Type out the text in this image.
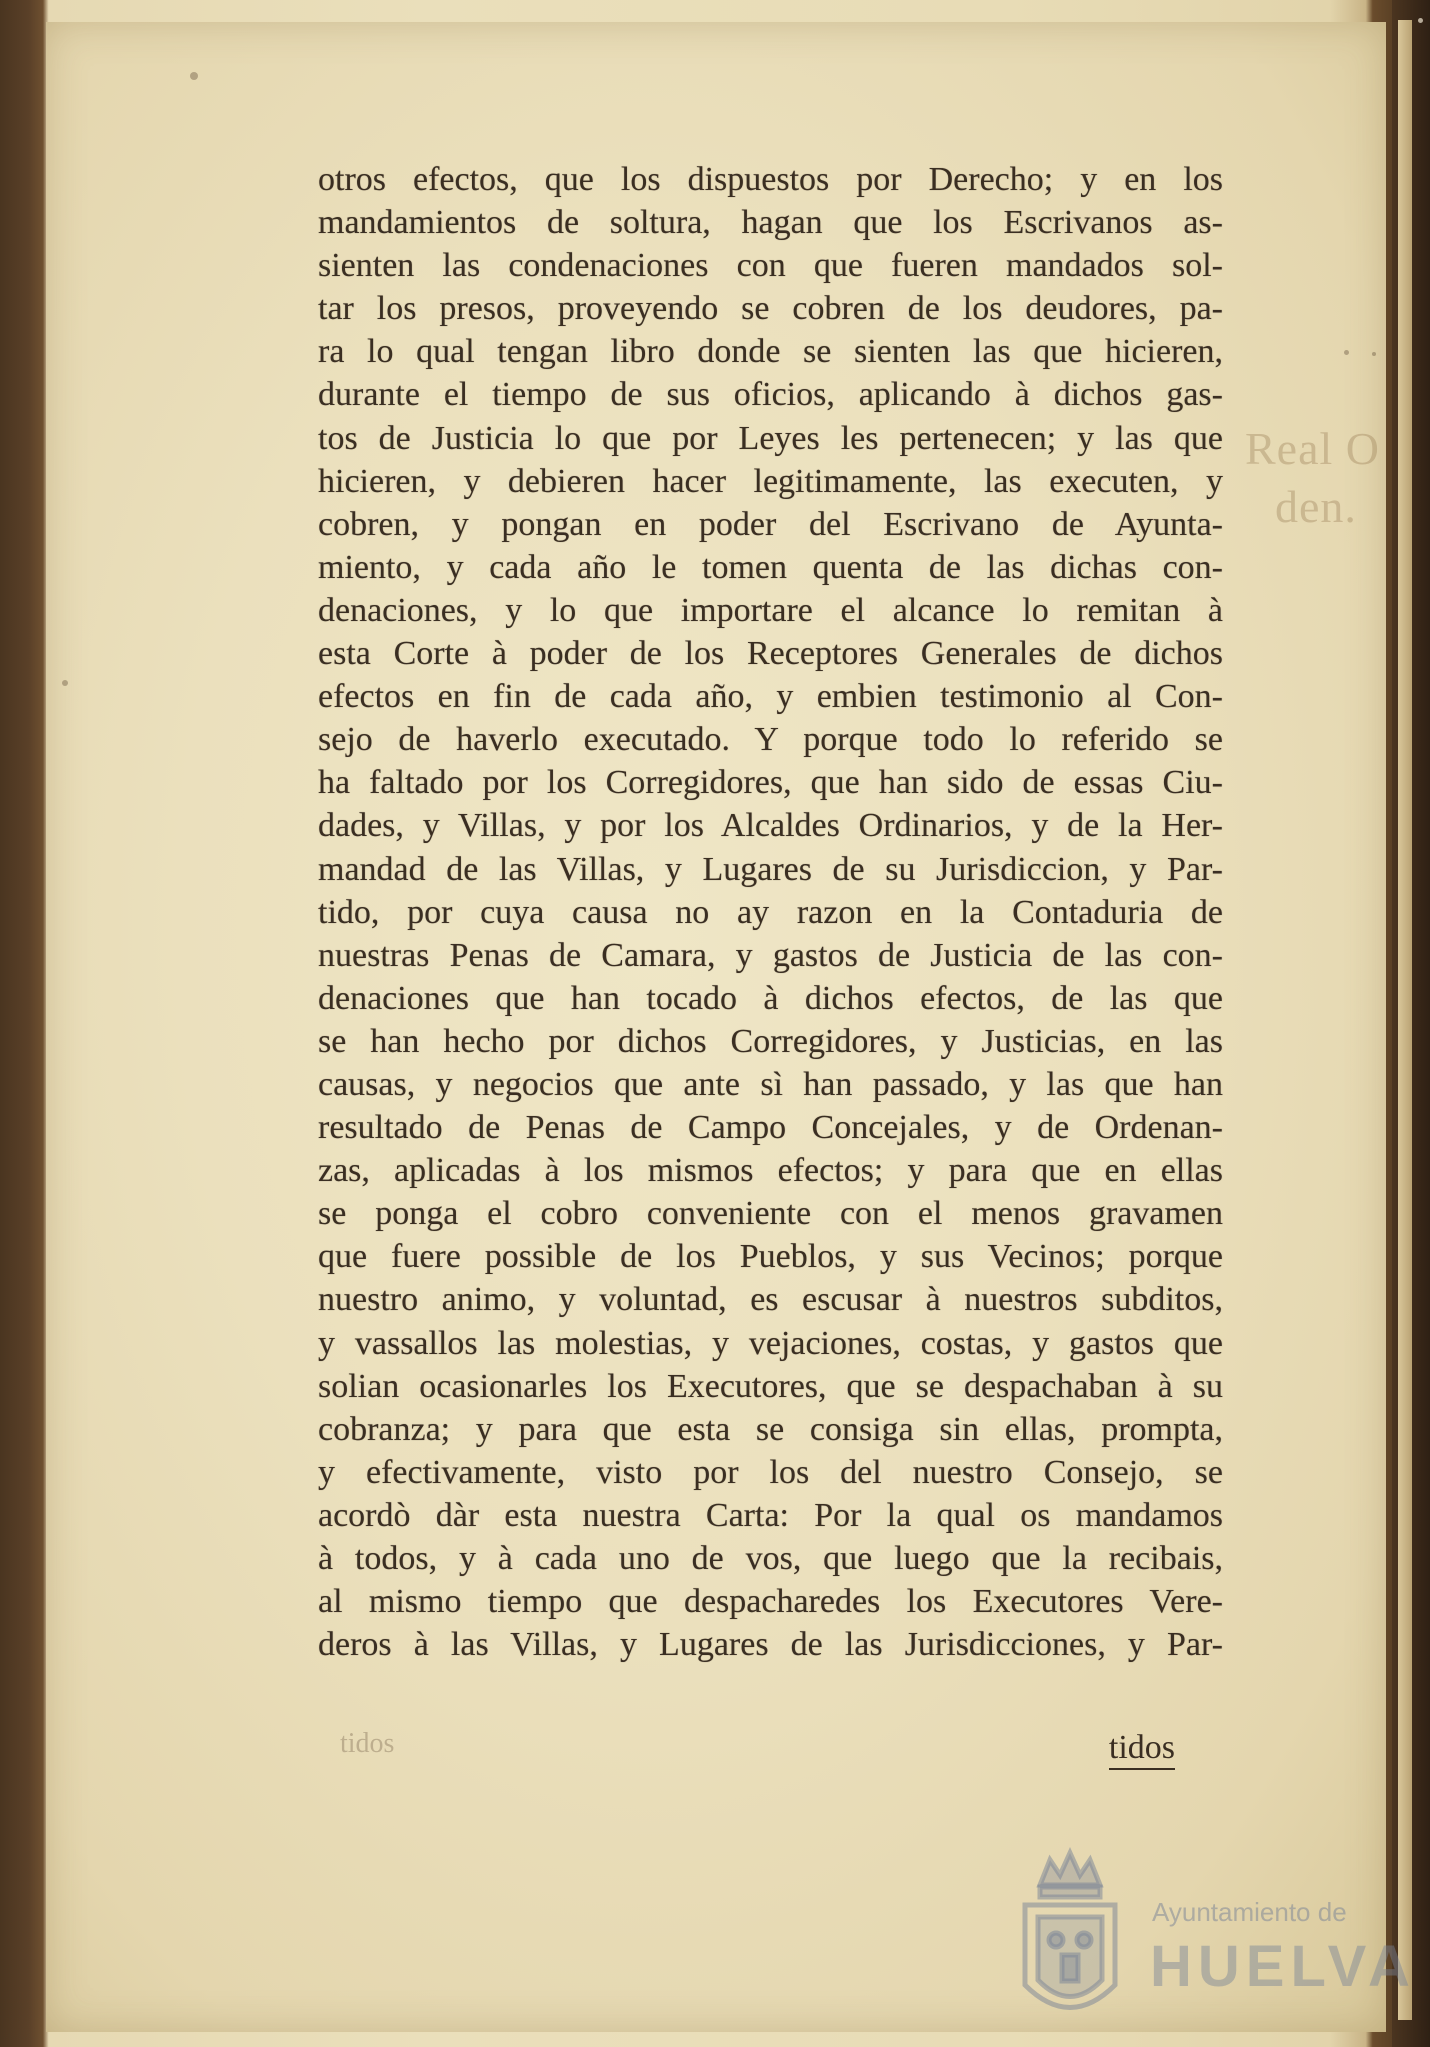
Real O
den.
otros efectos, que los dispuestos por Derecho; y en los
mandamientos de soltura, hagan que los Escrivanos as-
sienten las condenaciones con que fueren mandados sol-
tar los presos, proveyendo se cobren de los deudores, pa-
ra lo qual tengan libro donde se sienten las que hicieren,
durante el tiempo de sus oficios, aplicando à dichos gas-
tos de Justicia lo que por Leyes les pertenecen; y las que
hicieren, y debieren hacer legitimamente, las executen, y
cobren, y pongan en poder del Escrivano de Ayunta-
miento, y cada año le tomen quenta de las dichas con-
denaciones, y lo que importare el alcance lo remitan à
esta Corte à poder de los Receptores Generales de dichos
efectos en fin de cada año, y embien testimonio al Con-
sejo de haverlo executado. Y porque todo lo referido se
ha faltado por los Corregidores, que han sido de essas Ciu-
dades, y Villas, y por los Alcaldes Ordinarios, y de la Her-
mandad de las Villas, y Lugares de su Jurisdiccion, y Par-
tido, por cuya causa no ay razon en la Contaduria de
nuestras Penas de Camara, y gastos de Justicia de las con-
denaciones que han tocado à dichos efectos, de las que
se han hecho por dichos Corregidores, y Justicias, en las
causas, y negocios que ante sì han passado, y las que han
resultado de Penas de Campo Concejales, y de Ordenan-
zas, aplicadas à los mismos efectos; y para que en ellas
se ponga el cobro conveniente con el menos gravamen
que fuere possible de los Pueblos, y sus Vecinos; porque
nuestro animo, y voluntad, es escusar à nuestros subditos,
y vassallos las molestias, y vejaciones, costas, y gastos que
solian ocasionarles los Executores, que se despachaban à su
cobranza; y para que esta se consiga sin ellas, prompta,
y efectivamente, visto por los del nuestro Consejo, se
acordò dàr esta nuestra Carta: Por la qual os mandamos
à todos, y à cada uno de vos, que luego que la recibais,
al mismo tiempo que despacharedes los Executores Vere-
deros à las Villas, y Lugares de las Jurisdicciones, y Par-
tidos	tidos
Ayuntamiento de
HUELVA
